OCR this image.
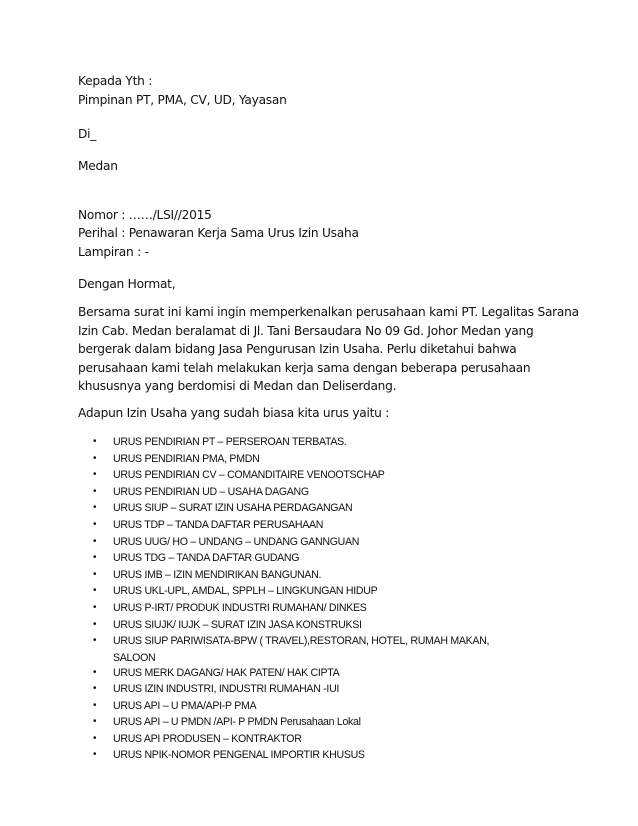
Kepada Yth :

Pimpinan PT, PMA, CV, UD, Yayasan

Di_

Medan

Nomor : ……/LSI//2015

Perihal : Penawaran Kerja Sama Urus Izin Usaha

Lampiran : -

Dengan Hormat,

Bersama surat ini kami ingin memperkenalkan perusahaan kami PT. Legalitas Sarana
Izin Cab. Medan beralamat di Jl. Tani Bersaudara No 09 Gd. Johor Medan yang
bergerak dalam bidang Jasa Pengurusan Izin Usaha. Perlu diketahui bahwa
perusahaan kami telah melakukan kerja sama dengan beberapa perusahaan
khususnya yang berdomisi di Medan dan Deliserdang.

Adapun Izin Usaha yang sudah biasa kita urus yaitu :

• URUS PENDIRIAN PT – PERSEROAN TERBATAS.
• URUS PENDIRIAN PMA, PMDN
• URUS PENDIRIAN CV – COMANDITAIRE VENOOTSCHAP
• URUS PENDIRIAN UD – USAHA DAGANG
• URUS SIUP – SURAT IZIN USAHA PERDAGANGAN
• URUS TDP – TANDA DAFTAR PERUSAHAAN
• URUS UUG/ HO – UNDANG – UNDANG GANNGUAN
• URUS TDG – TANDA DAFTAR GUDANG
• URUS IMB – IZIN MENDIRIKAN BANGUNAN.
• URUS UKL-UPL, AMDAL, SPPLH – LINGKUNGAN HIDUP
• URUS P-IRT/ PRODUK INDUSTRI RUMAHAN/ DINKES
• URUS SIUJK/ IUJK – SURAT IZIN JASA KONSTRUKSI
• URUS SIUP PARIWISATA-BPW ( TRAVEL),RESTORAN, HOTEL, RUMAH MAKAN,
SALOON
• URUS MERK DAGANG/ HAK PATEN/ HAK CIPTA
• URUS IZIN INDUSTRI, INDUSTRI RUMAHAN -IUI
• URUS API – U PMA/API-P PMA
• URUS API – U PMDN /API- P PMDN Perusahaan Lokal
• URUS API PRODUSEN – KONTRAKTOR
• URUS NPIK-NOMOR PENGENAL IMPORTIR KHUSUS
